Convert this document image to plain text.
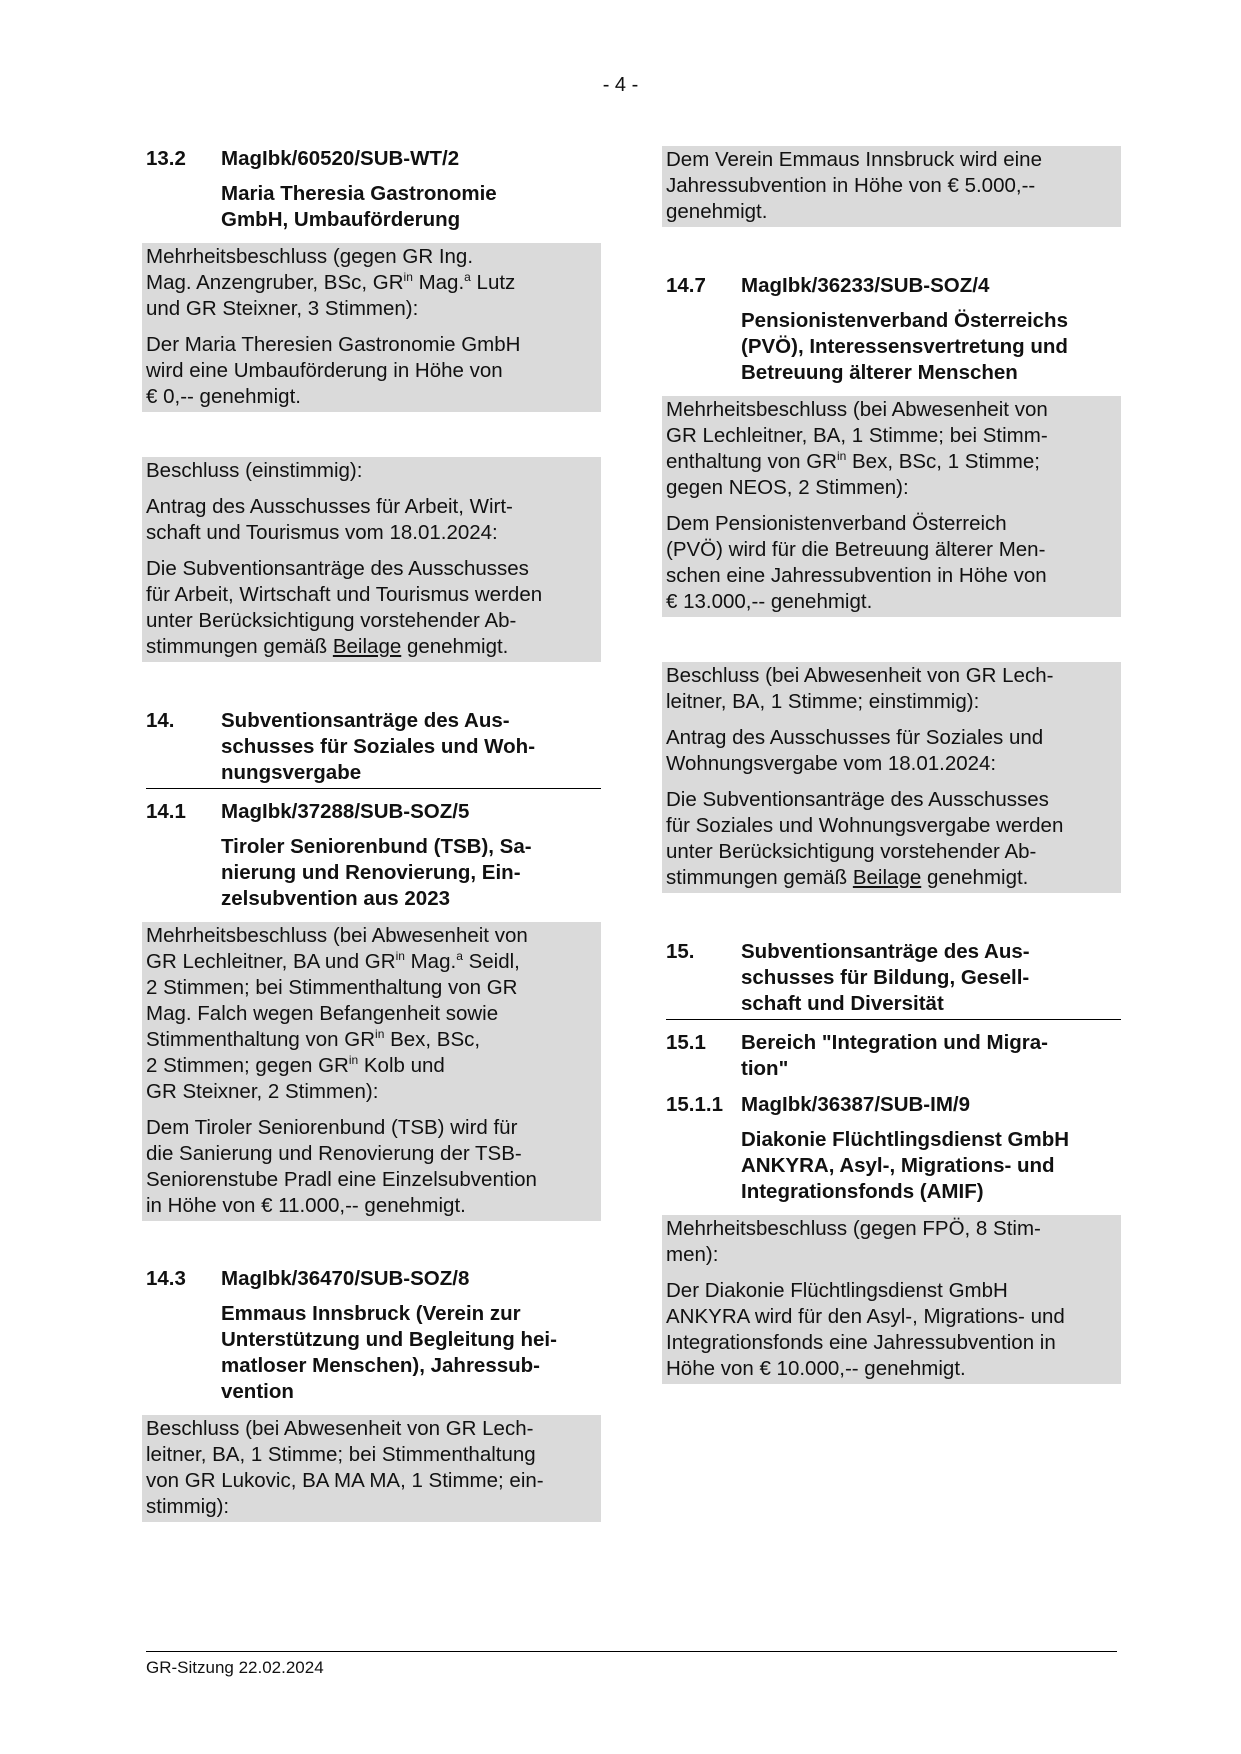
- 4 -
13.2	MagIbk/60520/SUB-WT/2
Maria Theresia Gastronomie
GmbH, Umbauförderung

Mehrheitsbeschluss (gegen GR Ing.
Mag. Anzengruber, BSc, $GR^{in}$ Mag.$^a$ Lutz
und GR Steixner, 3 Stimmen):

Der Maria Theresien Gastronomie GmbH
wird eine Umbauförderung in Höhe von
€ 0,-- genehmigt.

Beschluss (einstimmig):

Antrag des Ausschusses für Arbeit, Wirt-
schaft und Tourismus vom 18.01.2024:

Die Subventionsanträge des Ausschusses
für Arbeit, Wirtschaft und Tourismus werden
unter Berücksichtigung vorstehender Ab-
stimmungen gemäß Beilage genehmigt.

14.	Subventionsanträge des Aus-
schusses für Soziales und Woh-
nungsvergabe
14.1	MagIbk/37288/SUB-SOZ/5
Tiroler Seniorenbund (TSB), Sa-
nierung und Renovierung, Ein-
zelsubvention aus 2023

Mehrheitsbeschluss (bei Abwesenheit von
GR Lechleitner, BA und $GR^{in}$ Mag.$^a$ Seidl,
2 Stimmen; bei Stimmenthaltung von GR
Mag. Falch wegen Befangenheit sowie
Stimmenthaltung von $GR^{in}$ Bex, BSc,
2 Stimmen; gegen $GR^{in}$ Kolb und
GR Steixner, 2 Stimmen):

Dem Tiroler Seniorenbund (TSB) wird für
die Sanierung und Renovierung der TSB-
Seniorenstube Pradl eine Einzelsubvention
in Höhe von € 11.000,-- genehmigt.

14.3	MagIbk/36470/SUB-SOZ/8
Emmaus Innsbruck (Verein zur
Unterstützung und Begleitung hei-
matloser Menschen), Jahressub-
vention

Beschluss (bei Abwesenheit von GR Lech-
leitner, BA, 1 Stimme; bei Stimmenthaltung
von GR Lukovic, BA MA MA, 1 Stimme; ein-
stimmig):

Dem Verein Emmaus Innsbruck wird eine
Jahressubvention in Höhe von € 5.000,--
genehmigt.

14.7	MagIbk/36233/SUB-SOZ/4
Pensionistenverband Österreichs
(PVÖ), Interessensvertretung und
Betreuung älterer Menschen

Mehrheitsbeschluss (bei Abwesenheit von
GR Lechleitner, BA, 1 Stimme; bei Stimm-
enthaltung von $GR^{in}$ Bex, BSc, 1 Stimme;
gegen NEOS, 2 Stimmen):

Dem Pensionistenverband Österreich
(PVÖ) wird für die Betreuung älterer Men-
schen eine Jahressubvention in Höhe von
€ 13.000,-- genehmigt.

Beschluss (bei Abwesenheit von GR Lech-
leitner, BA, 1 Stimme; einstimmig):

Antrag des Ausschusses für Soziales und
Wohnungsvergabe vom 18.01.2024:

Die Subventionsanträge des Ausschusses
für Soziales und Wohnungsvergabe werden
unter Berücksichtigung vorstehender Ab-
stimmungen gemäß Beilage genehmigt.

15.	Subventionsanträge des Aus-
schusses für Bildung, Gesell-
schaft und Diversität
15.1	Bereich "Integration und Migra-
tion"
15.1.1 MagIbk/36387/SUB-IM/9
Diakonie Flüchtlingsdienst GmbH
ANKYRA, Asyl-, Migrations- und
Integrationsfonds (AMIF)

Mehrheitsbeschluss (gegen FPÖ, 8 Stim-
men):

Der Diakonie Flüchtlingsdienst GmbH
ANKYRA wird für den Asyl-, Migrations- und
Integrationsfonds eine Jahressubvention in
Höhe von € 10.000,-- genehmigt.

GR-Sitzung 22.02.2024
